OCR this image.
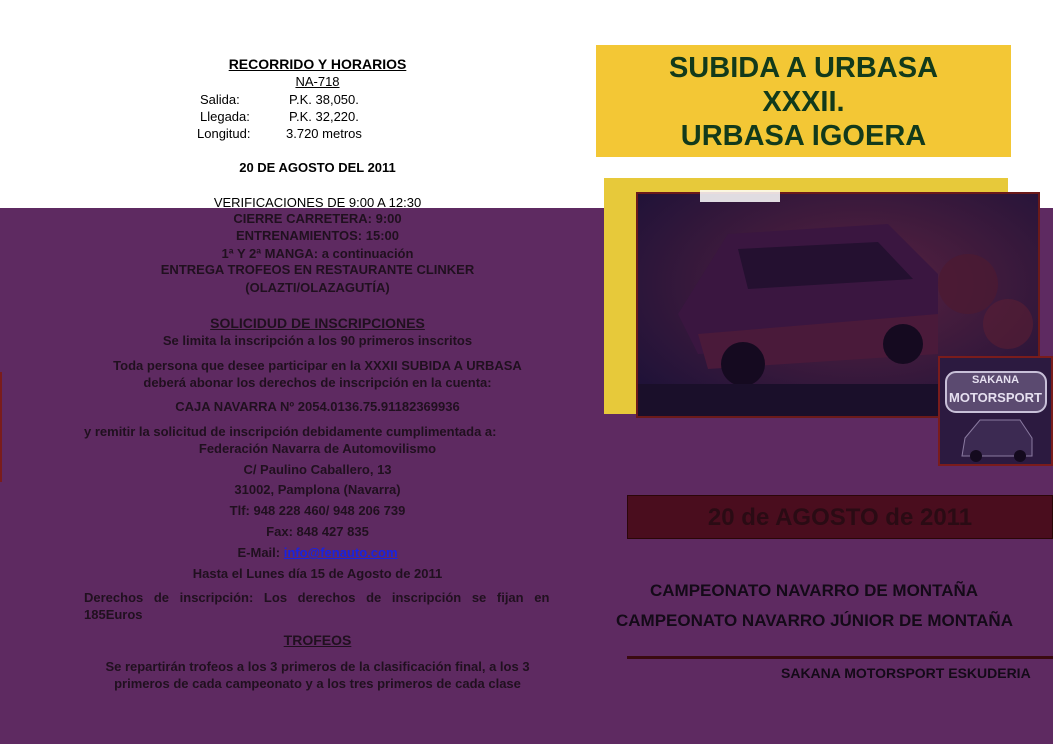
RECORRIDO Y HORARIOS
NA-718
Salida:	P.K. 38,050.
Llegada:	P.K. 32,220.
Longitud:	3.720 metros
20 DE AGOSTO DEL 2011
VERIFICACIONES DE 9:00 A 12:30
CIERRE CARRETERA: 9:00
ENTRENAMIENTOS: 15:00
1ª Y 2ª MANGA: a continuación
ENTREGA TROFEOS EN RESTAURANTE CLINKER
(OLAZTI/OLAZAGUTÍA)
SOLICIDUD DE INSCRIPCIONES
Se limita la inscripción a los 90 primeros inscritos
Toda persona que desee participar en la XXXII SUBIDA A URBASA
deberá abonar los derechos de inscripción en la cuenta:
CAJA NAVARRA Nº 2054.0136.75.91182369936
y remitir la solicitud de inscripción debidamente cumplimentada a:
Federación Navarra de Automovilismo
C/ Paulino Caballero, 13
31002, Pamplona (Navarra)
Tlf: 948 228 460/ 948 206 739
Fax: 848 427 835
E-Mail: info@fenauto.com
Hasta el Lunes día 15 de Agosto de 2011
Derechos de inscripción: Los derechos de inscripción se fijan en
185Euros
TROFEOS
Se repartirán trofeos a los 3 primeros de la clasificación final, a los 3
primeros de cada campeonato y a los tres primeros de cada clase
SUBIDA A URBASA
XXXII.
URBASA IGOERA
SAKANA
MOTORSPORT
20 de AGOSTO de 2011
CAMPEONATO NAVARRO DE MONTAÑA
CAMPEONATO NAVARRO JÚNIOR DE MONTAÑA
SAKANA MOTORSPORT ESKUDERIA
